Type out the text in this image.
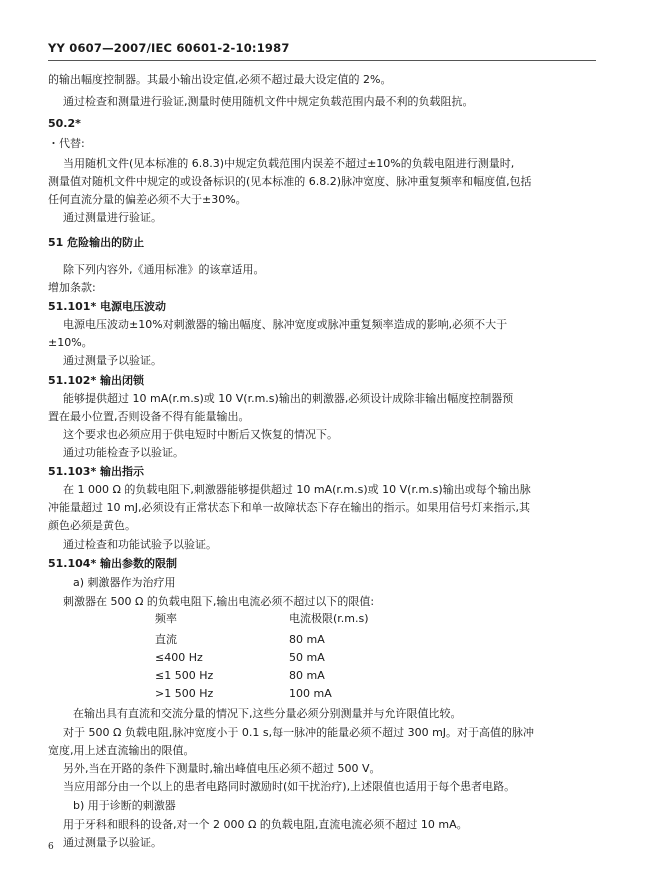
YY 0607—2007/IEC 60601-2-10:1987
的输出幅度控制器。其最小输出设定值,必须不超过最大设定值的 2%。
通过检查和测量进行验证,测量时使用随机文件中规定负载范围内最不利的负载阻抗。
50.2*
・代替:
当用随机文件(见本标准的 6.8.3)中规定负载范围内误差不超过±10%的负载电阻进行测量时,
测量值对随机文件中规定的或设备标识的(见本标准的 6.8.2)脉冲宽度、脉冲重复频率和幅度值,包括
任何直流分量的偏差必须不大于±30%。
通过测量进行验证。
51 危险输出的防止
除下列内容外,《通用标准》的该章适用。
增加条款:
51.101* 电源电压波动
电源电压波动±10%对刺激器的输出幅度、脉冲宽度或脉冲重复频率造成的影响,必须不大于
±10%。
通过测量予以验证。
51.102* 输出闭锁
能够提供超过 10 mA(r.m.s)或 10 V(r.m.s)输出的刺激器,必须设计成除非输出幅度控制器预
置在最小位置,否则设备不得有能量输出。
这个要求也必须应用于供电短时中断后又恢复的情况下。
通过功能检查予以验证。
51.103* 输出指示
在 1 000 Ω 的负载电阻下,刺激器能够提供超过 10 mA(r.m.s)或 10 V(r.m.s)输出或每个输出脉
冲能量超过 10 mJ,必须设有正常状态下和单一故障状态下存在输出的指示。如果用信号灯来指示,其
颜色必须是黄色。
通过检查和功能试验予以验证。
51.104* 输出参数的限制
a) 刺激器作为治疗用
刺激器在 500 Ω 的负载电阻下,输出电流必须不超过以下的限值:
频率	电流极限(r.m.s)
直流	80 mA
≤400 Hz	50 mA
≤1 500 Hz	80 mA
>1 500 Hz	100 mA
在输出具有直流和交流分量的情况下,这些分量必须分别测量并与允许限值比较。
对于 500 Ω 负载电阻,脉冲宽度小于 0.1 s,每一脉冲的能量必须不超过 300 mJ。对于高值的脉冲
宽度,用上述直流输出的限值。
另外,当在开路的条件下测量时,输出峰值电压必须不超过 500 V。
当应用部分由一个以上的患者电路同时激励时(如干扰治疗),上述限值也适用于每个患者电路。
b) 用于诊断的刺激器
用于牙科和眼科的设备,对一个 2 000 Ω 的负载电阻,直流电流必须不超过 10 mA。
通过测量予以验证。
6
